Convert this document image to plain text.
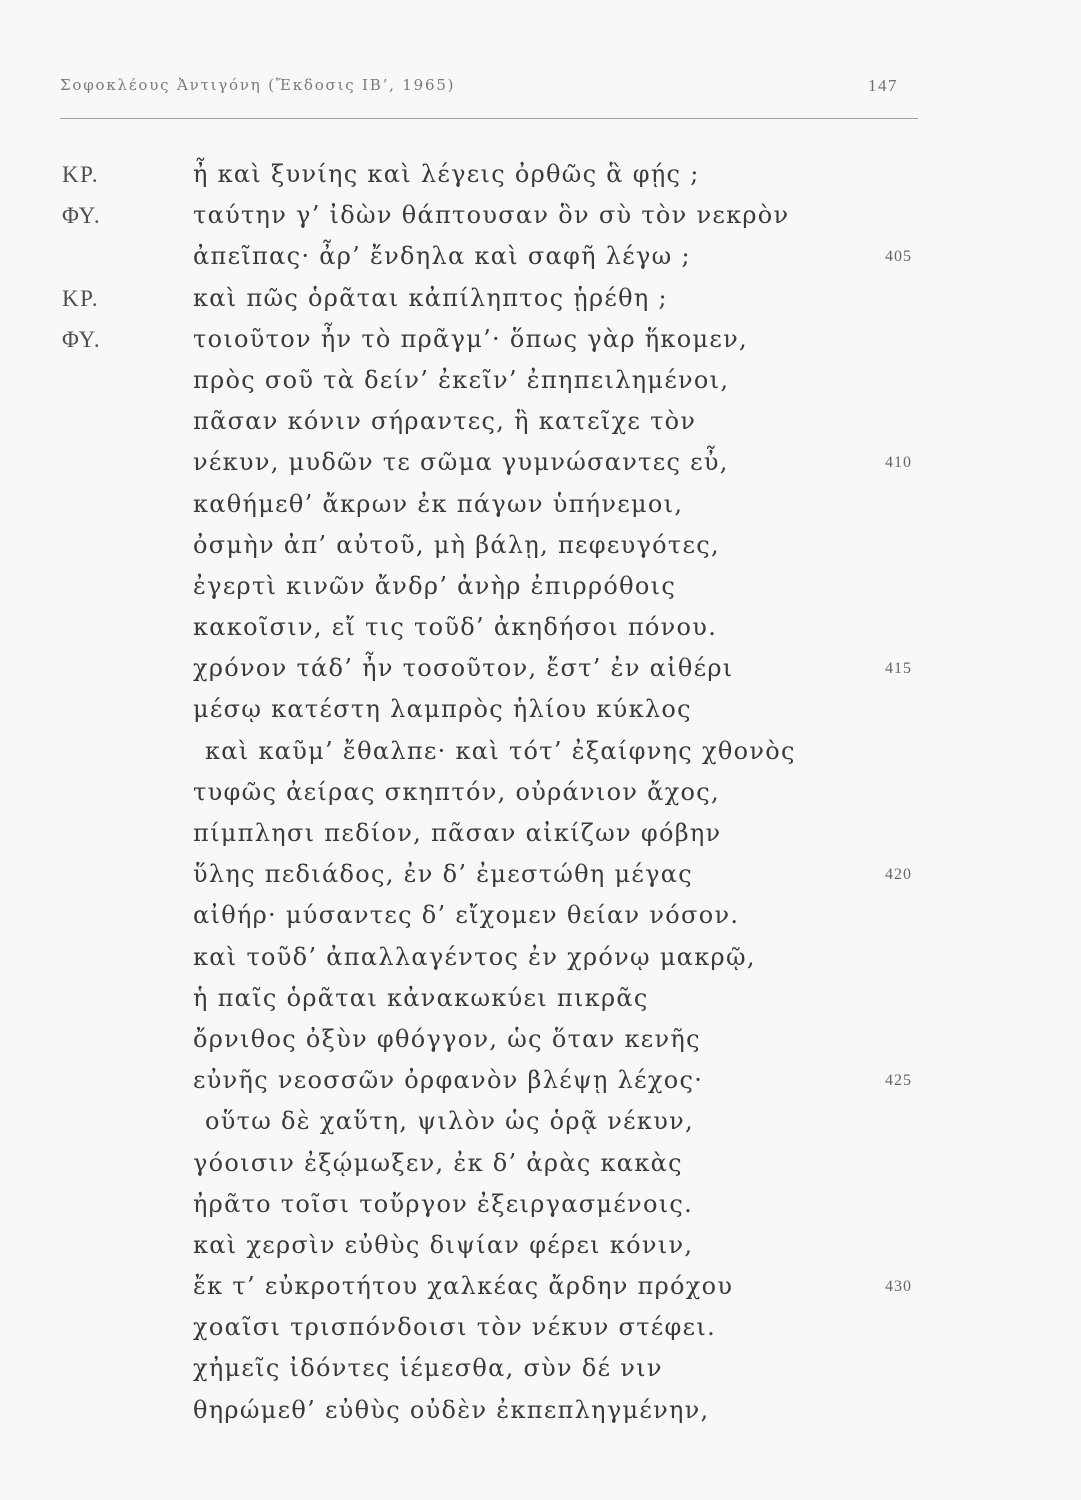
Σοφοκλέους Ἀντιγόνη (Ἔκδοσις ΙΒ’, 1965)	147
ΚΡ.	ἦ καὶ ξυνίης καὶ λέγεις ὀρθῶς ἃ φῄς ;
ΦΥ.	ταύτην γ’ ἰδὼν θάπτουσαν ὃν σὺ τὸν νεκρὸν
ἀπεῖπας· ἆρ’ ἔνδηλα καὶ σαφῆ λέγω ;	405
ΚΡ.	καὶ πῶς ὁρᾶται κἀπίληπτος ᾑρέθη ;
ΦΥ.	τοιοῦτον ἦν τὸ πρᾶγμ’· ὅπως γὰρ ἥκομεν,
πρὸς σοῦ τὰ δείν’ ἐκεῖν’ ἐπηπειλημένοι,
πᾶσαν κόνιν σήραντες, ἣ κατεῖχε τὸν
νέκυν, μυδῶν τε σῶμα γυμνώσαντες εὖ,	410
καθήμεθ’ ἄκρων ἐκ πάγων ὑπήνεμοι,
ὀσμὴν ἀπ’ αὐτοῦ, μὴ βάλῃ, πεφευγότες,
ἐγερτὶ κινῶν ἄνδρ’ ἀνὴρ ἐπιρρόθοις
κακοῖσιν, εἴ τις τοῦδ’ ἀκηδήσοι πόνου.
χρόνον τάδ’ ἦν τοσοῦτον, ἔστ’ ἐν αἰθέρι	415
μέσῳ κατέστη λαμπρὸς ἡλίου κύκλος
καὶ καῦμ’ ἔθαλπε· καὶ τότ’ ἐξαίφνης χθονὸς
τυφῶς ἀείρας σκηπτόν, οὐράνιον ἄχος,
πίμπλησι πεδίον, πᾶσαν αἰκίζων φόβην
ὕλης πεδιάδος, ἐν δ’ ἐμεστώθη μέγας	420
αἰθήρ· μύσαντες δ’ εἴχομεν θείαν νόσον.
καὶ τοῦδ’ ἀπαλλαγέντος ἐν χρόνῳ μακρῷ,
ἡ παῖς ὁρᾶται κἀνακωκύει πικρᾶς
ὄρνιθος ὀξὺν φθόγγον, ὡς ὅταν κενῆς
εὐνῆς νεοσσῶν ὀρφανὸν βλέψῃ λέχος·	425
οὕτω δὲ χαὕτη, ψιλὸν ὡς ὁρᾷ νέκυν,
γόοισιν ἐξῴμωξεν, ἐκ δ’ ἀρὰς κακὰς
ἠρᾶτο τοῖσι τοὔργον ἐξειργασμένοις.
καὶ χερσὶν εὐθὺς διψίαν φέρει κόνιν,
ἔκ τ’ εὐκροτήτου χαλκέας ἄρδην πρόχου	430
χοαῖσι τρισπόνδοισι τὸν νέκυν στέφει.
χἠμεῖς ἰδόντες ἱέμεσθα, σὺν δέ νιν
θηρώμεθ’ εὐθὺς οὐδὲν ἐκπεπληγμένην,
